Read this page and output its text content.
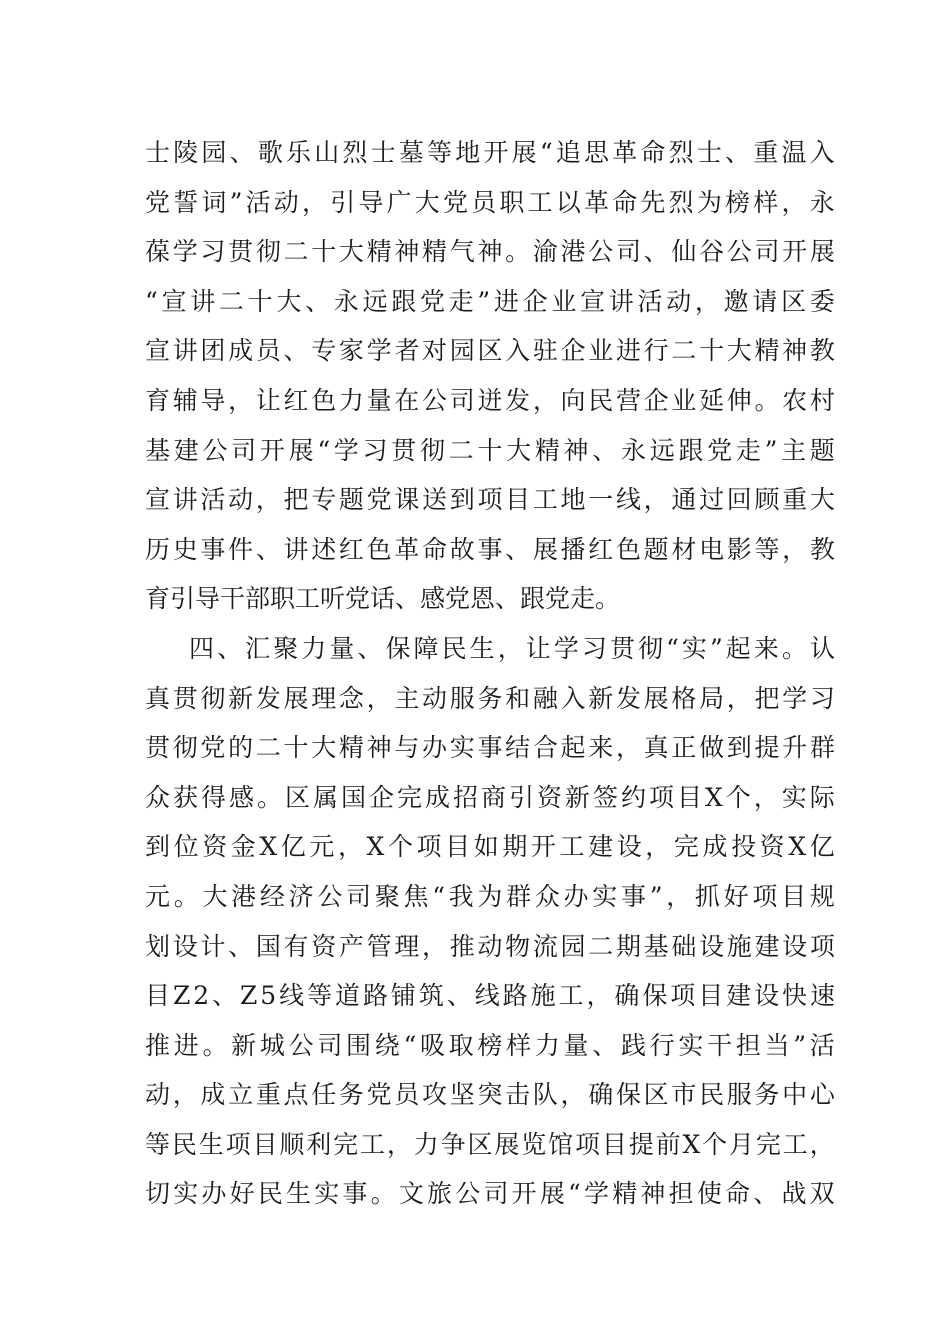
士 陵 园 、 歌 乐 山 烈 士 墓 等 地 开 展 “ 追 思 革 命 烈 士 、 重 温 入
党 誓 词 ” 活 动 ， 引 导 广 大 党 员 职 工 以 革 命 先 烈 为 榜 样 ， 永
葆 学 习 贯 彻 二 十 大 精 神 精 气 神 。 渝 港 公 司 、 仙 谷 公 司 开 展
“ 宣 讲 二 十 大 、 永 远 跟 党 走 ” 进 企 业 宣 讲 活 动 ， 邀 请 区 委
宣 讲 团 成 员 、 专 家 学 者 对 园 区 入 驻 企 业 进 行 二 十 大 精 神 教
育 辅 导 ， 让 红 色 力 量 在 公 司 迸 发 ， 向 民 营 企 业 延 伸 。 农 村
基 建 公 司 开 展 “ 学 习 贯 彻 二 十 大 精 神 、 永 远 跟 党 走 ” 主 题
宣 讲 活 动 ， 把 专 题 党 课 送 到 项 目 工 地 一 线 ， 通 过 回 顾 重 大
历 史 事 件 、 讲 述 红 色 革 命 故 事 、 展 播 红 色 题 材 电 影 等 ， 教
育引导干部职工听党话、感党恩、跟党走。
四 、 汇 聚 力 量 、 保 障 民 生 ， 让 学 习 贯 彻 “ 实 ” 起 来 。 认
真 贯 彻 新 发 展 理 念 ， 主 动 服 务 和 融 入 新 发 展 格 局 ， 把 学 习
贯 彻 党 的 二 十 大 精 神 与 办 实 事 结 合 起 来 ， 真 正 做 到 提 升 群
众 获 得 感 。 区 属 国 企 完 成 招 商 引 资 新 签 约 项 目 X 个 ， 实 际
到 位 资 金 X 亿 元 ， X 个 项 目 如 期 开 工 建 设 ， 完 成 投 资 X 亿
元 。 大 港 经 济 公 司 聚 焦 “ 我 为 群 众 办 实 事 ” ， 抓 好 项 目 规
划 设 计 、 国 有 资 产 管 理 ， 推 动 物 流 园 二 期 基 础 设 施 建 设 项
目 Z 2 、 Z 5 线 等 道 路 铺 筑 、 线 路 施 工 ， 确 保 项 目 建 设 快 速
推 进 。 新 城 公 司 围 绕 “ 吸 取 榜 样 力 量 、 践 行 实 干 担 当 ” 活
动 ， 成 立 重 点 任 务 党 员 攻 坚 突 击 队 ， 确 保 区 市 民 服 务 中 心
等 民 生 项 目 顺 利 完 工 ， 力 争 区 展 览 馆 项 目 提 前 X 个 月 完 工 ，
切 实 办 好 民 生 实 事 。 文 旅 公 司 开 展 “ 学 精 神 担 使 命 、 战 双
